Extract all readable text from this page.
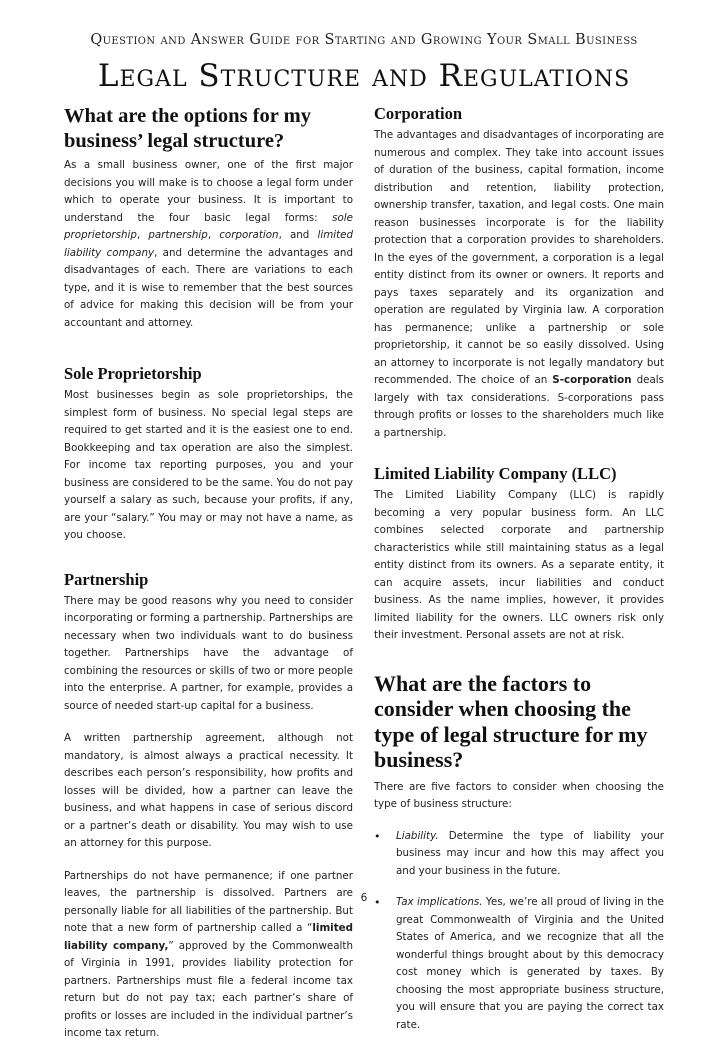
Question and Answer Guide for Starting and Growing Your Small Business
Legal Structure and Regulations
What are the options for my business’ legal structure?

As a small business owner, one of the first major decisions you will make is to choose a legal form under which to operate your business. It is important to understand the four basic legal forms: sole proprietorship, partnership, corporation, and limited liability company, and determine the advantages and disadvantages of each. There are variations to each type, and it is wise to remember that the best sources of advice for making this decision will be from your accountant and attorney.

Sole Proprietorship

Most businesses begin as sole proprietorships, the simplest form of business. No special legal steps are required to get started and it is the easiest one to end. Bookkeeping and tax operation are also the simplest. For income tax reporting purposes, you and your business are considered to be the same. You do not pay yourself a salary as such, because your profits, if any, are your “salary.” You may or may not have a name, as you choose.

Partnership

There may be good reasons why you need to consider incorporating or forming a partnership. Partnerships are necessary when two individuals want to do business together. Partnerships have the advantage of combining the resources or skills of two or more people into the enterprise. A partner, for example, provides a source of needed start-up capital for a business.

A written partnership agreement, although not mandatory, is almost always a practical necessity. It describes each person’s responsibility, how profits and losses will be divided, how a partner can leave the business, and what happens in case of serious discord or a partner’s death or disability. You may wish to use an attorney for this purpose.

Partnerships do not have permanence; if one partner leaves, the partnership is dissolved. Partners are personally liable for all liabilities of the partnership. But note that a new form of partnership called a “limited liability company,” approved by the Commonwealth of Virginia in 1991, provides liability protection for partners. Partnerships must file a federal income tax return but do not pay tax; each partner’s share of profits or losses are included in the individual partner’s income tax return.

Corporation

The advantages and disadvantages of incorporating are numerous and complex. They take into account issues of duration of the business, capital formation, income distribution and retention, liability protection, ownership transfer, taxation, and legal costs. One main reason businesses incorporate is for the liability protection that a corporation provides to shareholders. In the eyes of the government, a corporation is a legal entity distinct from its owner or owners. It reports and pays taxes separately and its organization and operation are regulated by Virginia law. A corporation has permanence; unlike a partnership or sole proprietorship, it cannot be so easily dissolved. Using an attorney to incorporate is not legally mandatory but recommended. The choice of an S-corporation deals largely with tax considerations. S-corporations pass through profits or losses to the shareholders much like a partnership.

Limited Liability Company (LLC)

The Limited Liability Company (LLC) is rapidly becoming a very popular business form. An LLC combines selected corporate and partnership characteristics while still maintaining status as a legal entity distinct from its owners. As a separate entity, it can acquire assets, incur liabilities and conduct business. As the name implies, however, it provides limited liability for the owners. LLC owners risk only their investment. Personal assets are not at risk.

What are the factors to consider when choosing the type of legal structure for my business?

There are five factors to consider when choosing the type of business structure:

• Liability. Determine the type of liability your business may incur and how this may affect you and your business in the future.

• Tax implications. Yes, we’re all proud of living in the great Commonwealth of Virginia and the United States of America, and we recognize that all the wonderful things brought about by this democracy cost money which is generated by taxes. By choosing the most appropriate business structure, you will ensure that you are paying the correct tax rate.

6
